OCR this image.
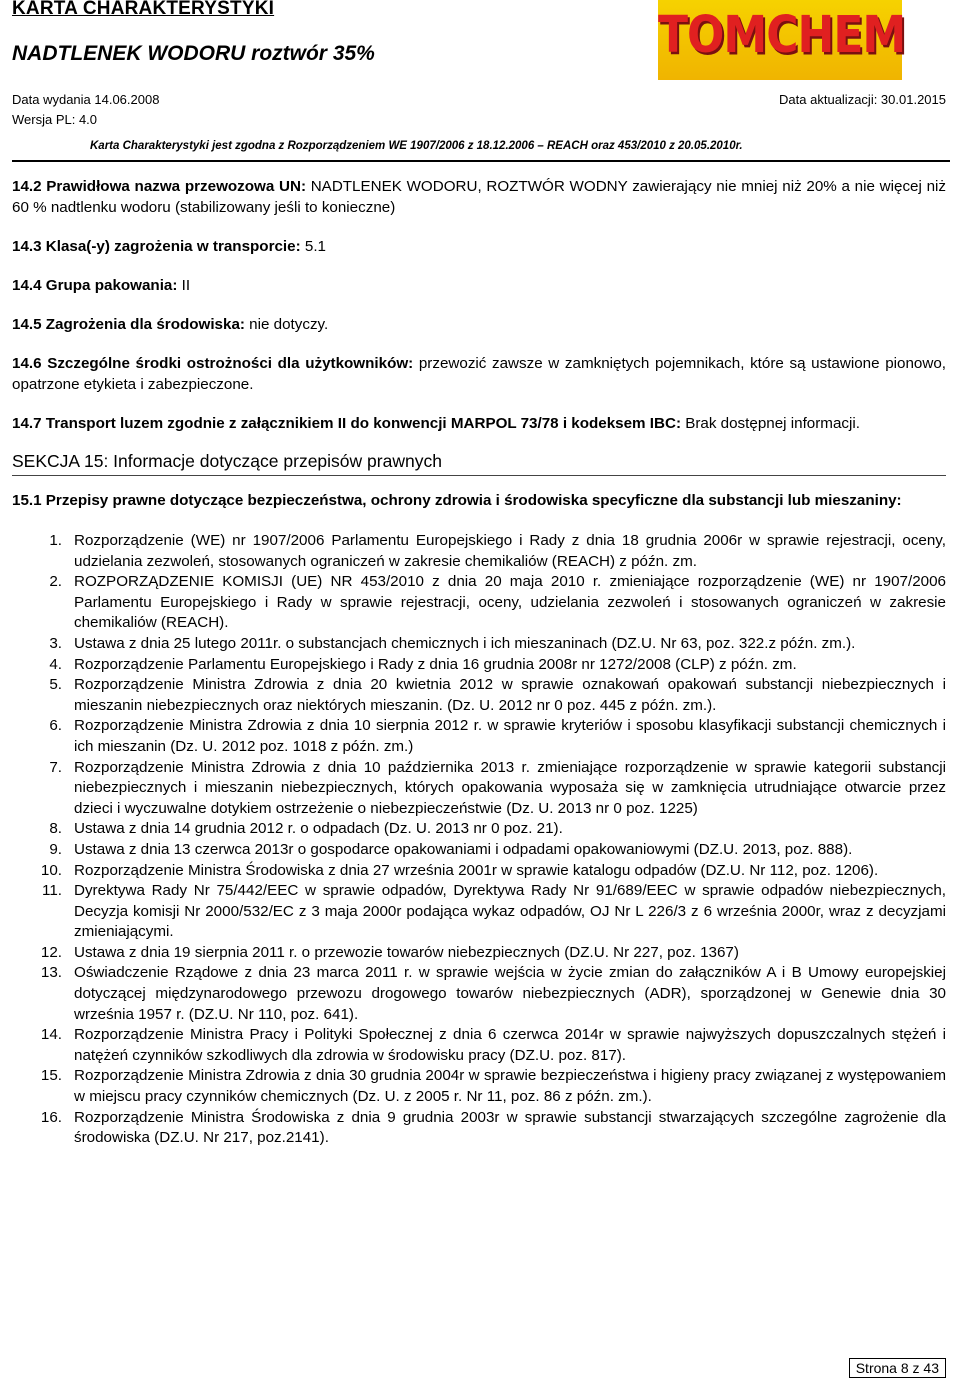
KARTA CHARAKTERYSTYKI
NADTLENEK WODORU roztwór 35%	TOMCHEM
Data wydania 14.06.2008	Data aktualizacji: 30.01.2015
Wersja PL: 4.0
Karta Charakterystyki jest zgodna z Rozporządzeniem WE 1907/2006 z 18.12.2006 – REACH oraz 453/2010 z 20.05.2010r.

14.2 Prawidłowa nazwa przewozowa UN: NADTLENEK WODORU, ROZTWÓR WODNY zawierający nie mniej niż 20% a nie więcej niż 60 % nadtlenku wodoru (stabilizowany jeśli to konieczne)

14.3 Klasa(-y) zagrożenia w transporcie: 5.1

14.4 Grupa pakowania: II

14.5 Zagrożenia dla środowiska: nie dotyczy.

14.6 Szczególne środki ostrożności dla użytkowników: przewozić zawsze w zamkniętych pojemnikach, które są ustawione pionowo, opatrzone etykieta i zabezpieczone.

14.7 Transport luzem zgodnie z załącznikiem II do konwencji MARPOL 73/78 i kodeksem IBC: Brak dostępnej informacji.

SEKCJA 15: Informacje dotyczące przepisów prawnych

15.1 Przepisy prawne dotyczące bezpieczeństwa, ochrony zdrowia i środowiska specyficzne dla substancji lub mieszaniny:

1. Rozporządzenie (WE) nr 1907/2006 Parlamentu Europejskiego i Rady z dnia 18 grudnia 2006r w sprawie rejestracji, oceny, udzielania zezwoleń, stosowanych ograniczeń w zakresie chemikaliów (REACH) z późn. zm.
2. ROZPORZĄDZENIE KOMISJI (UE) NR 453/2010 z dnia 20 maja 2010 r. zmieniające rozporządzenie (WE) nr 1907/2006 Parlamentu Europejskiego i Rady w sprawie rejestracji, oceny, udzielania zezwoleń i stosowanych ograniczeń w zakresie chemikaliów (REACH).
3. Ustawa z dnia 25 lutego 2011r. o substancjach chemicznych i ich mieszaninach (DZ.U. Nr 63, poz. 322.z późn. zm.).
4. Rozporządzenie Parlamentu Europejskiego i Rady z dnia 16 grudnia 2008r nr 1272/2008 (CLP) z późn. zm.
5. Rozporządzenie Ministra Zdrowia z dnia 20 kwietnia 2012 w sprawie oznakowań opakowań substancji niebezpiecznych i mieszanin niebezpiecznych oraz niektórych mieszanin. (Dz. U. 2012 nr 0 poz. 445 z późn. zm.).
6. Rozporządzenie Ministra Zdrowia z dnia 10 sierpnia 2012 r. w sprawie kryteriów i sposobu klasyfikacji substancji chemicznych i ich mieszanin (Dz. U. 2012 poz. 1018 z późn. zm.)
7. Rozporządzenie Ministra Zdrowia z dnia 10 października 2013 r. zmieniające rozporządzenie w sprawie kategorii substancji niebezpiecznych i mieszanin niebezpiecznych, których opakowania wyposaża się w zamknięcia utrudniające otwarcie przez dzieci i wyczuwalne dotykiem ostrzeżenie o niebezpieczeństwie (Dz. U. 2013 nr 0 poz. 1225)
8. Ustawa z dnia 14 grudnia 2012 r. o odpadach (Dz. U. 2013 nr 0 poz. 21).
9. Ustawa z dnia 13 czerwca 2013r o gospodarce opakowaniami i odpadami opakowaniowymi (DZ.U. 2013, poz. 888).
10. Rozporządzenie Ministra Środowiska z dnia 27 września 2001r w sprawie katalogu odpadów (DZ.U. Nr 112, poz. 1206).
11. Dyrektywa Rady Nr 75/442/EEC w sprawie odpadów, Dyrektywa Rady Nr 91/689/EEC w sprawie odpadów niebezpiecznych, Decyzja komisji Nr 2000/532/EC z 3 maja 2000r podająca wykaz odpadów, OJ Nr L 226/3 z 6 września 2000r, wraz z decyzjami zmieniającymi.
12. Ustawa z dnia 19 sierpnia 2011 r. o przewozie towarów niebezpiecznych (DZ.U. Nr 227, poz. 1367)
13. Oświadczenie Rządowe z dnia 23 marca 2011 r. w sprawie wejścia w życie zmian do załączników A i B Umowy europejskiej dotyczącej międzynarodowego przewozu drogowego towarów niebezpiecznych (ADR), sporządzonej w Genewie dnia 30 września 1957 r. (DZ.U. Nr 110, poz. 641).
14. Rozporządzenie Ministra Pracy i Polityki Społecznej z dnia 6 czerwca 2014r w sprawie najwyższych dopuszczalnych stężeń i natężeń czynników szkodliwych dla zdrowia w środowisku pracy (DZ.U. poz. 817).
15. Rozporządzenie Ministra Zdrowia z dnia 30 grudnia 2004r w sprawie bezpieczeństwa i higieny pracy związanej z występowaniem w miejscu pracy czynników chemicznych (Dz. U. z 2005 r. Nr 11, poz. 86 z późn. zm.).
16. Rozporządzenie Ministra Środowiska z dnia 9 grudnia 2003r w sprawie substancji stwarzających szczególne zagrożenie dla środowiska (DZ.U. Nr 217, poz.2141).
Strona 8 z 43
